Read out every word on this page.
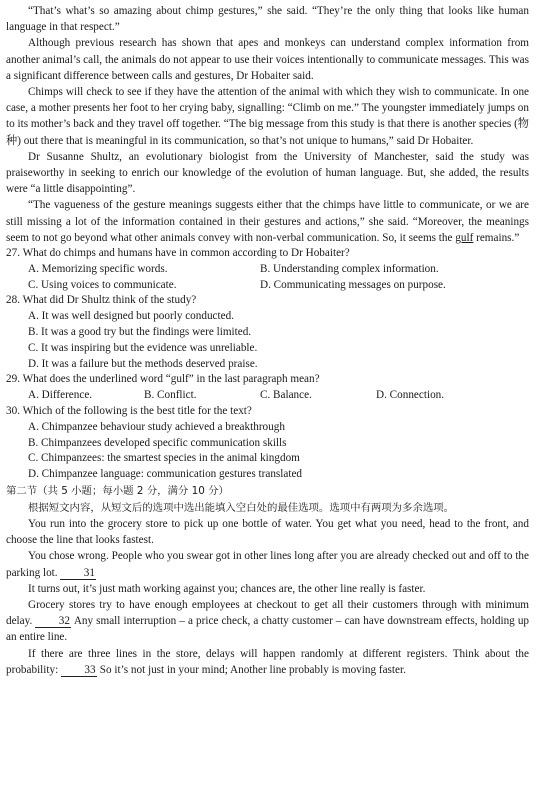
“That’s what’s so amazing about chimp gestures,” she said. “They’re the only thing that looks like human language in that respect.”

Although previous research has shown that apes and monkeys can understand complex information from another animal’s call, the animals do not appear to use their voices intentionally to communicate messages. This was a significant difference between calls and gestures, Dr Hobaiter said.

Chimps will check to see if they have the attention of the animal with which they wish to communicate. In one case, a mother presents her foot to her crying baby, signalling: “Climb on me.” The youngster immediately jumps on to its mother’s back and they travel off together. “The big message from this study is that there is another species (物种) out there that is meaningful in its communication, so that’s not unique to humans,” said Dr Hobaiter.

Dr Susanne Shultz, an evolutionary biologist from the University of Manchester, said the study was praiseworthy in seeking to enrich our knowledge of the evolution of human language. But, she added, the results were “a little disappointing”.

“The vagueness of the gesture meanings suggests either that the chimps have little to communicate, or we are still missing a lot of the information contained in their gestures and actions,” she said. “Moreover, the meanings seem to not go beyond what other animals convey with non-verbal communication. So, it seems the gulf remains.”

27. What do chimps and humans have in common according to Dr Hobaiter?

A. Memorizing specific words.	B. Understanding complex information.
C. Using voices to communicate.	D. Communicating messages on purpose.

28. What did Dr Shultz think of the study?

A. It was well designed but poorly conducted.

B. It was a good try but the findings were limited.

C. It was inspiring but the evidence was unreliable.

D. It was a failure but the methods deserved praise.

29. What does the underlined word “gulf” in the last paragraph mean?

A. Difference.	B. Conflict.	C. Balance.	D. Connection.

30. Which of the following is the best title for the text?

A. Chimpanzee behaviour study achieved a breakthrough

B. Chimpanzees developed specific communication skills

C. Chimpanzees: the smartest species in the animal kingdom

D. Chimpanzee language: communication gestures translated

第二节（共 5 小题；每小题 2 分，满分 10 分）

根据短文内容，从短文后的选项中选出能填入空白处的最佳选项。选项中有两项为多余选项。

You run into the grocery store to pick up one bottle of water. You get what you need, head to the front, and choose the line that looks fastest.

You chose wrong. People who you swear got in other lines long after you are already checked out and off to the parking lot. 31

It turns out, it’s just math working against you; chances are, the other line really is faster.

Grocery stores try to have enough employees at checkout to get all their customers through with minimum delay. 32 Any small interruption – a price check, a chatty customer – can have downstream effects, holding up an entire line.

If there are three lines in the store, delays will happen randomly at different registers. Think about the probability: 33 So it’s not just in your mind; Another line probably is moving faster.
